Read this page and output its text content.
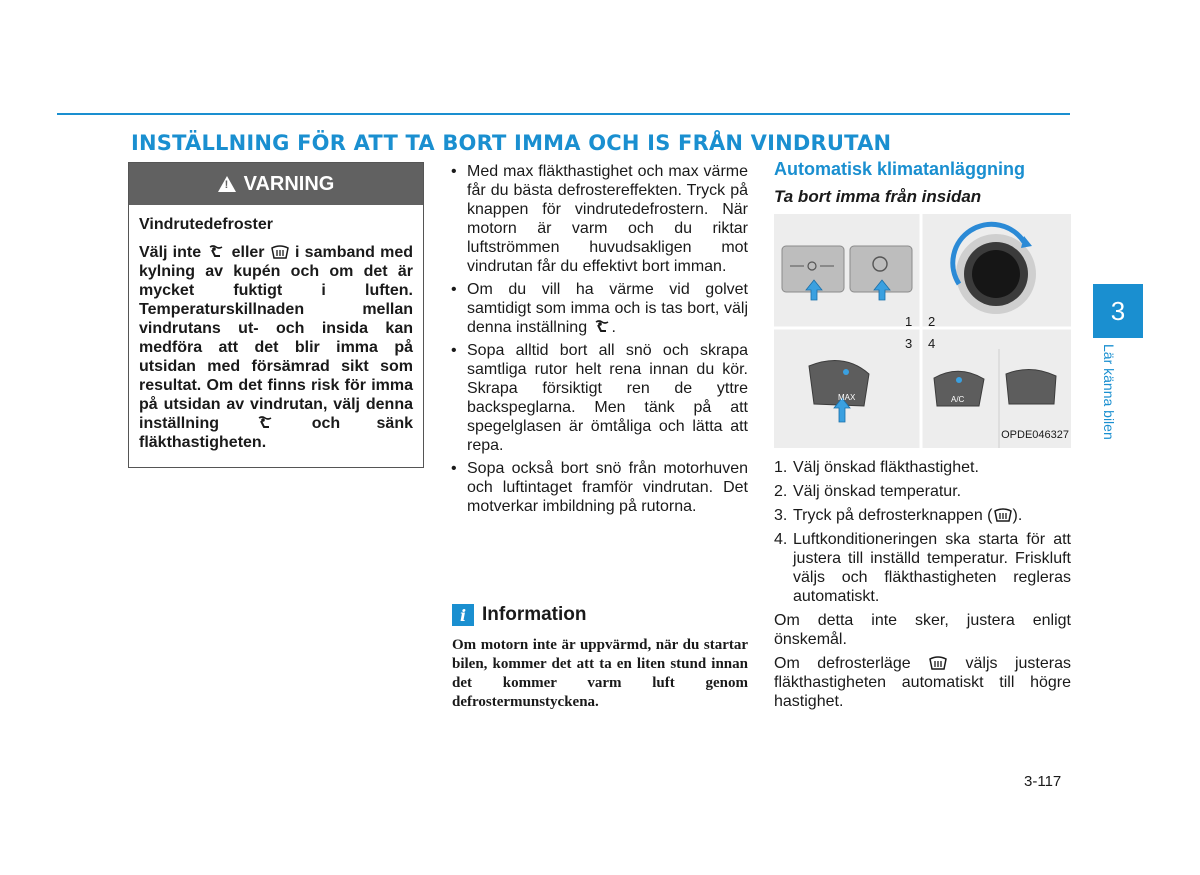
INSTÄLLNING FÖR ATT TA BORT IMMA OCH IS FRÅN VINDRUTAN
! VARNING

Vindrutedefroster

Välj inte eller i samband med kylning av kupén och om det är mycket fuktigt i luften. Temperaturskillnaden mellan vindrutans ut- och insida kan medföra att det blir imma på utsidan med försämrad sikt som resultat. Om det finns risk för imma på utsidan av vindrutan, välj denna inställning	och sänk fläkthastigheten.

• Med max fläkthastighet och max värme får du bästa defrostereffekten. Tryck på knappen för vindrutedefrostern. När motorn är varm och du riktar luftströmmen huvudsakligen mot vindrutan får du effektivt bort imman.

• Om du vill ha värme vid golvet samtidigt som imma och is tas bort, välj denna inställning .

• Sopa alltid bort all snö och skrapa samtliga rutor helt rena innan du kör. Skrapa försiktigt ren de yttre backspeglarna. Men tänk på att spegelglasen är ömtåliga och lätta att repa.

• Sopa också bort snö från motorhuven och luftintaget framför vindrutan. Det motverkar imbildning på rutorna.

i Information

Om motorn inte är uppvärmd, när du startar bilen, kommer det att ta en liten stund innan det kommer varm luft genom defrostermunstyckena.

Automatisk klimatanläggning

Ta bort imma från insidan

1 2
3 4
MAX	A/C
OPDE046327
1. Välj önskad fläkthastighet.
2. Välj önskad temperatur.
3. Tryck på defrosterknappen ( ).
4. Luftkonditioneringen ska starta för att justera till inställd temperatur. Friskluft väljs och fläkthastigheten regleras automatiskt.

Om detta inte sker, justera enligt önskemål.

Om defrosterläge	väljs justeras fläkthastigheten automatiskt till högre hastighet.

3
Lär känna bilen
3-117
